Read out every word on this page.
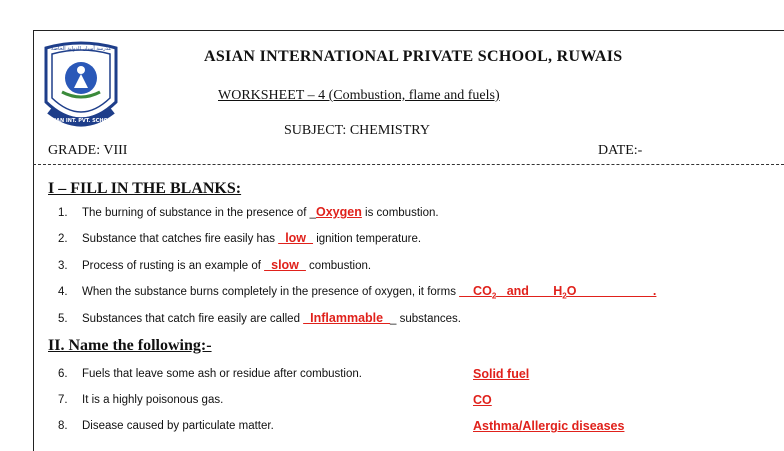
مدرسة آسيان الدولية الخاصة
ASIAN INT. PVT. SCHOOL
ASIAN INTERNATIONAL PRIVATE SCHOOL, RUWAIS
WORKSHEET – 4 (Combustion, flame and fuels)
SUBJECT: CHEMISTRY
GRADE: VIII	DATE:-
I – FILL IN THE BLANKS:
1. The burning of substance in the presence of _Oxygen is combustion.
2. Substance that catches fire easily has _low_ ignition temperature.
3. Process of rusting is an example of _slow_ combustion.
4. When the substance burns completely in the presence of oxygen, it forms $\_\_CO_2\_$ and $\_\_\_H_2O\_\_\_\_\_\_\_\_\_\_\_$.
5. Substances that catch fire easily are called _Inflammable__ substances.
II. Name the following:-
6. Fuels that leave some ash or residue after combustion.	Solid fuel
7. It is a highly poisonous gas.	CO
8. Disease caused by particulate matter.	Asthma/Allergic diseases
